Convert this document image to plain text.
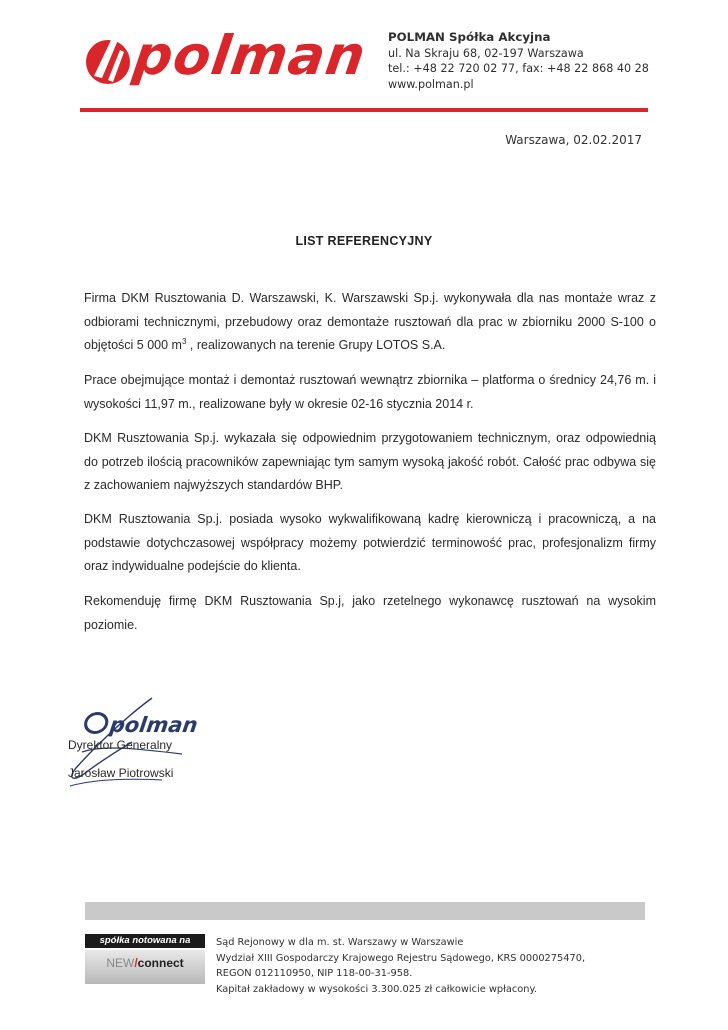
polman POLMAN Spółka Akcyjna
ul. Na Skraju 68, 02-197 Warszawa
tel.: +48 22 720 02 77, fax: +48 22 868 40 28
www.polman.pl
Warszawa, 02.02.2017
LIST REFERENCYJNY
Firma DKM Rusztowania D. Warszawski, K. Warszawski Sp.j. wykonywała dla nas montaże wraz z odbiorami technicznymi, przebudowy oraz demontaże rusztowań dla prac w zbiorniku 2000 S-100 o objętości 5 000 $m^3$ , realizowanych na terenie Grupy LOTOS S.A.
Prace obejmujące montaż i demontaż rusztowań wewnątrz zbiornika – platforma o średnicy 24,76 m. i wysokości 11,97 m., realizowane były w okresie 02-16 stycznia 2014 r.
DKM Rusztowania Sp.j. wykazała się odpowiednim przygotowaniem technicznym, oraz odpowiednią do potrzeb ilością pracowników zapewniając tym samym wysoką jakość robót. Całość prac odbywa się z zachowaniem najwyższych standardów BHP.
DKM Rusztowania Sp.j. posiada wysoko wykwalifikowaną kadrę kierowniczą i pracowniczą, a na podstawie dotychczasowej współpracy możemy potwierdzić terminowość prac, profesjonalizm firmy oraz indywidualne podejście do klienta.
Rekomenduję firmę DKM Rusztowania Sp.j, jako rzetelnego wykonawcę rusztowań na wysokim poziomie.
polman
Dyrektor Generalny
Jarosław Piotrowski
spółka notowana na
NEW/connect
Sąd Rejonowy w dla m. st. Warszawy w Warszawie
Wydział XIII Gospodarczy Krajowego Rejestru Sądowego, KRS 0000275470,
REGON 012110950, NIP 118-00-31-958.
Kapitał zakładowy w wysokości 3.300.025 zł całkowicie wpłacony.
